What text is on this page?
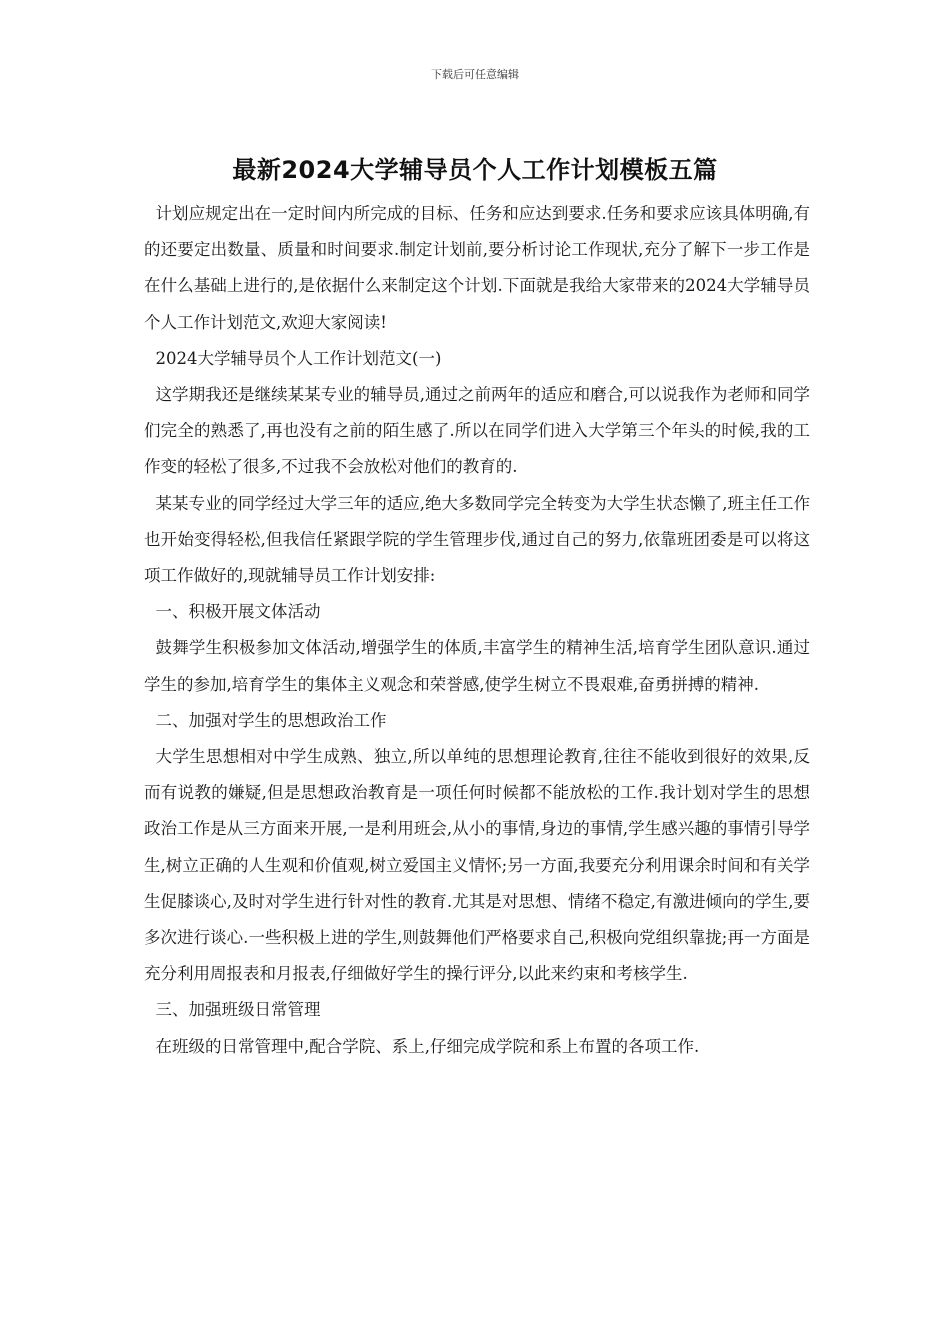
下载后可任意编辑
最新2024大学辅导员个人工作计划模板五篇

计划应规定出在一定时间内所完成的目标、任务和应达到要求.任务和要求应该具体明确,有的还要定出数量、质量和时间要求.制定计划前,要分析讨论工作现状,充分了解下一步工作是在什么基础上进行的,是依据什么来制定这个计划.下面就是我给大家带来的2024大学辅导员个人工作计划范文,欢迎大家阅读!

2024大学辅导员个人工作计划范文(一)

这学期我还是继续某某专业的辅导员,通过之前两年的适应和磨合,可以说我作为老师和同学们完全的熟悉了,再也没有之前的陌生感了.所以在同学们进入大学第三个年头的时候,我的工作变的轻松了很多,不过我不会放松对他们的教育的.

某某专业的同学经过大学三年的适应,绝大多数同学完全转变为大学生状态懒了,班主任工作也开始变得轻松,但我信任紧跟学院的学生管理步伐,通过自己的努力,依靠班团委是可以将这项工作做好的,现就辅导员工作计划安排:

一、积极开展文体活动

鼓舞学生积极参加文体活动,增强学生的体质,丰富学生的精神生活,培育学生团队意识.通过学生的参加,培育学生的集体主义观念和荣誉感,使学生树立不畏艰难,奋勇拼搏的精神.

二、加强对学生的思想政治工作

大学生思想相对中学生成熟、独立,所以单纯的思想理论教育,往往不能收到很好的效果,反而有说教的嫌疑,但是思想政治教育是一项任何时候都不能放松的工作.我计划对学生的思想政治工作是从三方面来开展,一是利用班会,从小的事情,身边的事情,学生感兴趣的事情引导学生,树立正确的人生观和价值观,树立爱国主义情怀;另一方面,我要充分利用课余时间和有关学生促膝谈心,及时对学生进行针对性的教育.尤其是对思想、情绪不稳定,有激进倾向的学生,要多次进行谈心.一些积极上进的学生,则鼓舞他们严格要求自己,积极向党组织靠拢;再一方面是充分利用周报表和月报表,仔细做好学生的操行评分,以此来约束和考核学生.

三、加强班级日常管理

在班级的日常管理中,配合学院、系上,仔细完成学院和系上布置的各项工作.
